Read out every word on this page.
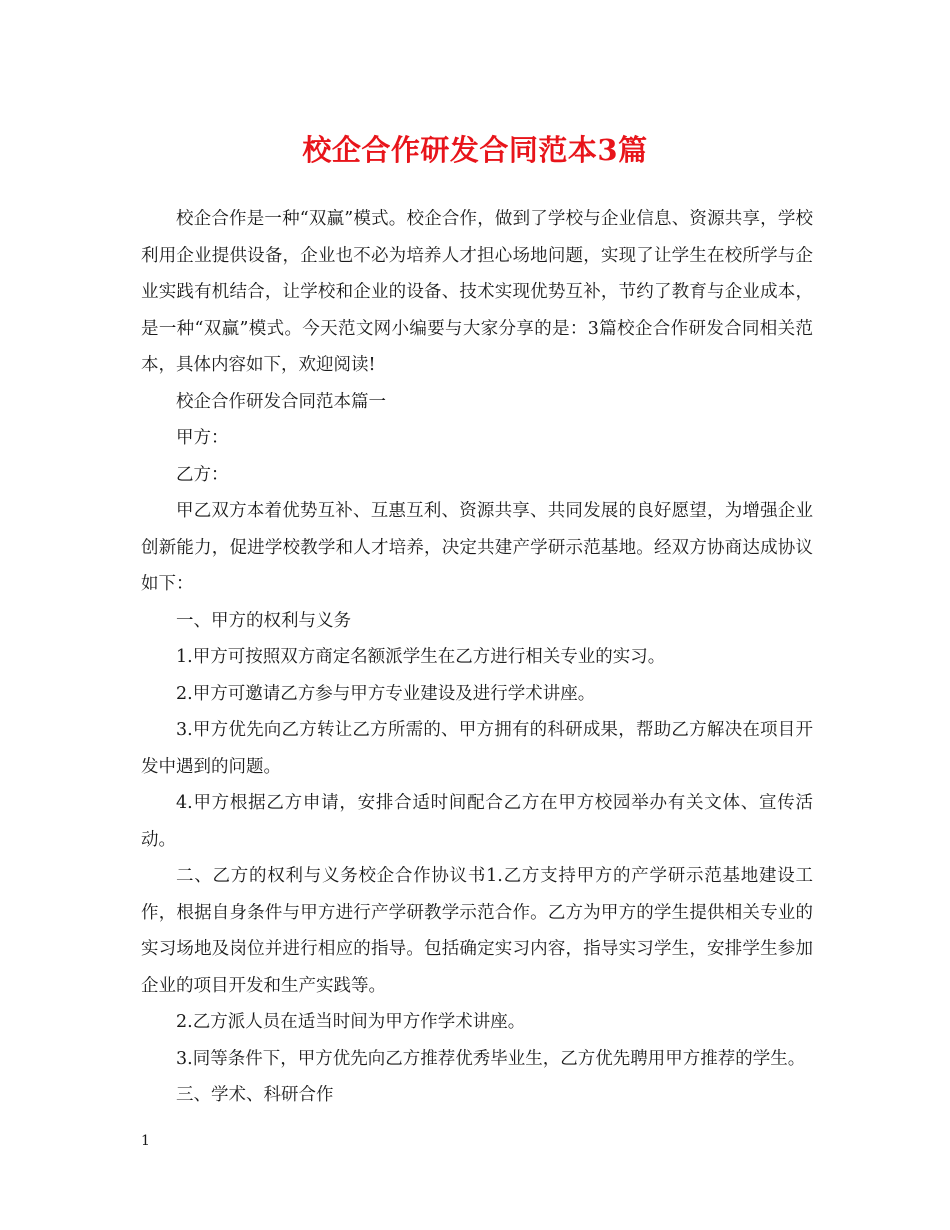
校企合作研发合同范本3篇

校企合作是一种“双赢”模式。校企合作，做到了学校与企业信息、资源共享，学校利用企业提供设备，企业也不必为培养人才担心场地问题，实现了让学生在校所学与企业实践有机结合，让学校和企业的设备、技术实现优势互补，节约了教育与企业成本，是一种“双赢”模式。今天范文网小编要与大家分享的是：3篇校企合作研发合同相关范本，具体内容如下，欢迎阅读!

校企合作研发合同范本篇一

甲方：

乙方：

甲乙双方本着优势互补、互惠互利、资源共享、共同发展的良好愿望，为增强企业创新能力，促进学校教学和人才培养，决定共建产学研示范基地。经双方协商达成协议如下：

一、甲方的权利与义务

1.甲方可按照双方商定名额派学生在乙方进行相关专业的实习。

2.甲方可邀请乙方参与甲方专业建设及进行学术讲座。

3.甲方优先向乙方转让乙方所需的、甲方拥有的科研成果，帮助乙方解决在项目开发中遇到的问题。

4.甲方根据乙方申请，安排合适时间配合乙方在甲方校园举办有关文体、宣传活动。

二、乙方的权利与义务校企合作协议书1.乙方支持甲方的产学研示范基地建设工作，根据自身条件与甲方进行产学研教学示范合作。乙方为甲方的学生提供相关专业的实习场地及岗位并进行相应的指导。包括确定实习内容，指导实习学生，安排学生参加企业的项目开发和生产实践等。

2.乙方派人员在适当时间为甲方作学术讲座。

3.同等条件下，甲方优先向乙方推荐优秀毕业生，乙方优先聘用甲方推荐的学生。

三、学术、科研合作

1
